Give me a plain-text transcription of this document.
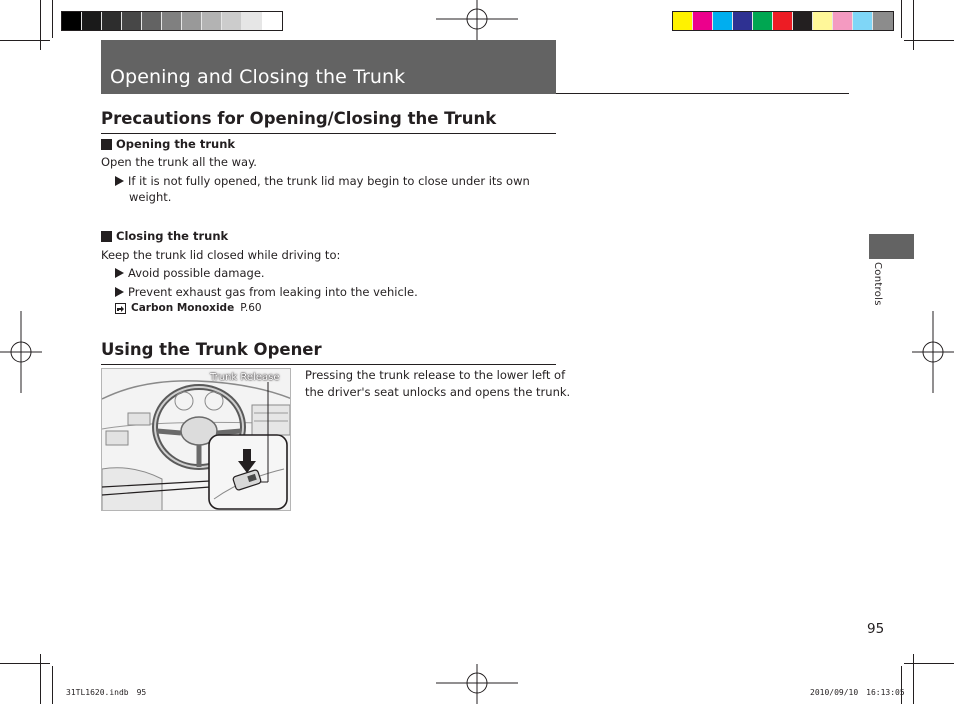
Opening and Closing the Trunk
Precautions for Opening/Closing the Trunk
Opening the trunk
Open the trunk all the way.
If it is not fully opened, the trunk lid may begin to close under its own
weight.
Closing the trunk
Keep the trunk lid closed while driving to:
Avoid possible damage.
Prevent exhaust gas from leaking into the vehicle.
Carbon Monoxide P.60
Using the Trunk Opener
Trunk Release Pressing the trunk release to the lower left of
the driver's seat unlocks and opens the trunk.
Controls
95
31TL1620.indb　95	2010/09/10　16:13:05
